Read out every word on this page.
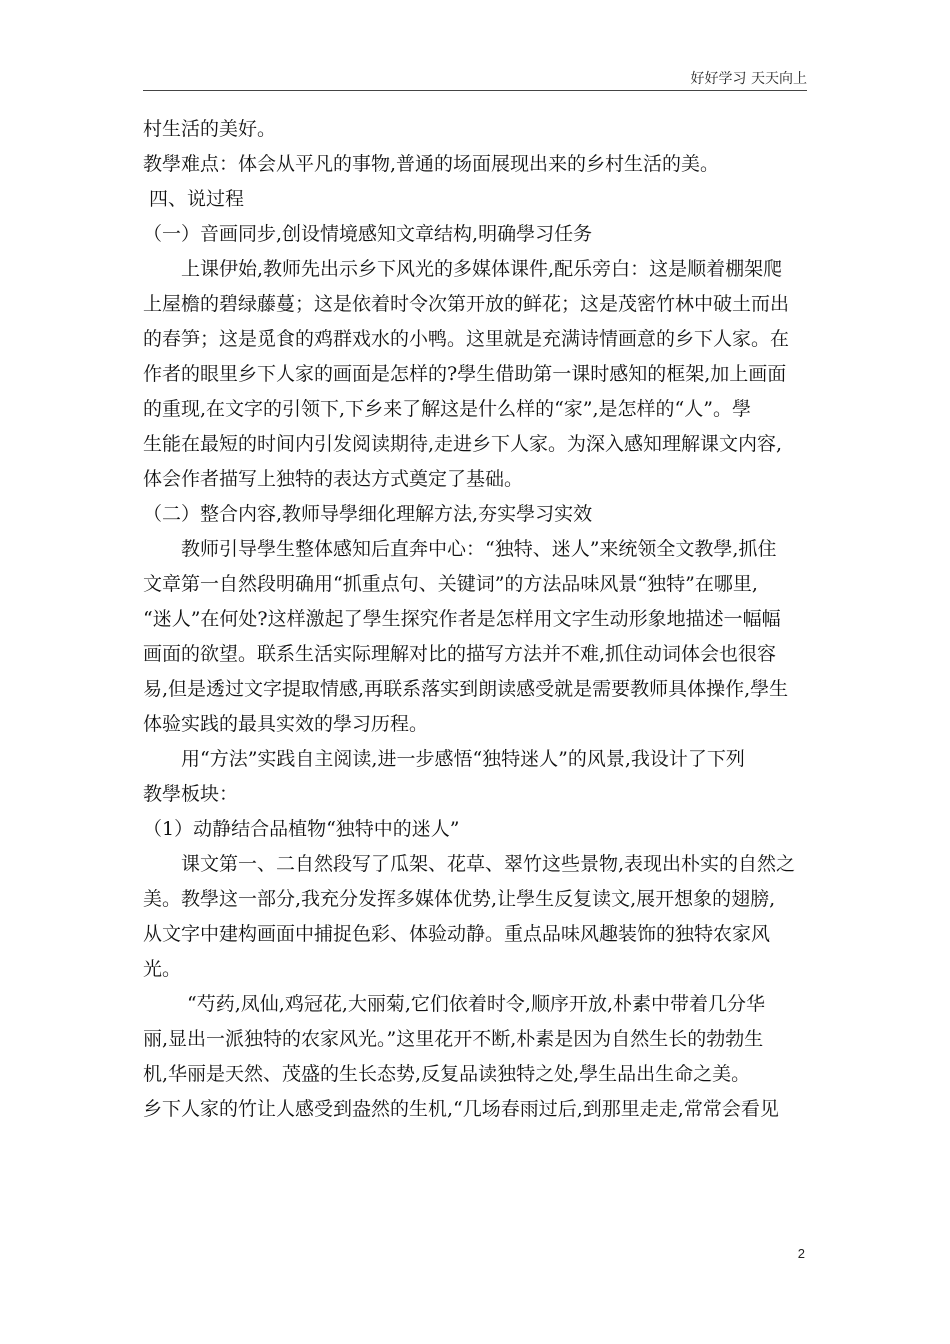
好好学习 天天向上
村生活的美好。
教學难点：体会从平凡的事物,普通的场面展现出来的乡村生活的美。
四、说过程
（一）音画同步,创设情境感知文章结构,明确學习任务
上课伊始,教师先出示乡下风光的多媒体课件,配乐旁白：这是顺着棚架爬
上屋檐的碧绿藤蔓；这是依着时令次第开放的鲜花；这是茂密竹林中破土而出
的春笋；这是觅食的鸡群戏水的小鸭。这里就是充满诗情画意的乡下人家。在
作者的眼里乡下人家的画面是怎样的?學生借助第一课时感知的框架,加上画面
的重现,在文字的引领下,下乡来了解这是什么样的“家”,是怎样的“人”。學
生能在最短的时间内引发阅读期待,走进乡下人家。为深入感知理解课文内容,
体会作者描写上独特的表达方式奠定了基础。
（二）整合内容,教师导學细化理解方法,夯实學习实效
教师引导學生整体感知后直奔中心：“独特、迷人”来统领全文教學,抓住
文章第一自然段明确用“抓重点句、关键词”的方法品味风景“独特”在哪里,
“迷人”在何处?这样激起了學生探究作者是怎样用文字生动形象地描述一幅幅
画面的欲望。联系生活实际理解对比的描写方法并不难,抓住动词体会也很容
易,但是透过文字提取情感,再联系落实到朗读感受就是需要教师具体操作,學生
体验实践的最具实效的學习历程。
用“方法”实践自主阅读,进一步感悟“独特迷人”的风景,我设计了下列
教學板块：
（1）动静结合品植物“独特中的迷人”
课文第一、二自然段写了瓜架、花草、翠竹这些景物,表现出朴实的自然之
美。教學这一部分,我充分发挥多媒体优势,让學生反复读文,展开想象的翅膀,
从文字中建构画面中捕捉色彩、体验动静。重点品味风趣装饰的独特农家风
光。
“芍药,凤仙,鸡冠花,大丽菊,它们依着时令,顺序开放,朴素中带着几分华
丽,显出一派独特的农家风光。”这里花开不断,朴素是因为自然生长的勃勃生
机,华丽是天然、茂盛的生长态势,反复品读独特之处,學生品出生命之美。
乡下人家的竹让人感受到盎然的生机,“几场春雨过后,到那里走走,常常会看见
2
